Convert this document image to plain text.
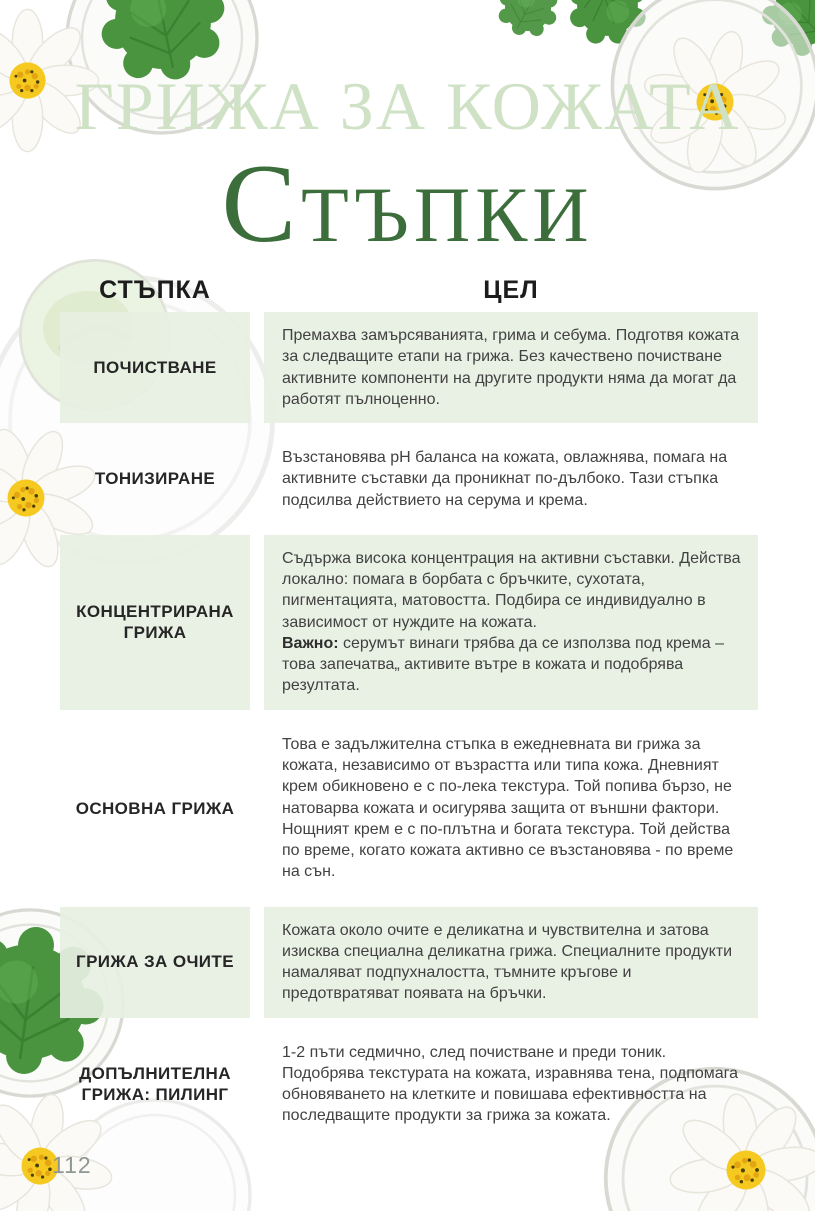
ГРИЖА ЗА КОЖАТА
СТЪПКИ
СТЪПКА	ЦЕЛ
ПОЧИСТВАНЕ
Премахва замърсяванията, грима и себума. Подготвя кожата за следващите етапи на грижа. Без качествено почистване активните компоненти на другите продукти няма да могат да работят пълноценно.
ТОНИЗИРАНЕ
Възстановява pH баланса на кожата, овлажнява, помага на активните съставки да проникнат по-дълбоко. Тази стъпка подсилва действието на серума и крема.
КОНЦЕНТРИРАНА ГРИЖА
Съдържа висока концентрация на активни съставки. Действа локално: помага в борбата с бръчките, сухотата, пигментацията, матовостта. Подбира се индивидуално в зависимост от нуждите на кожата.
Важно: серумът винаги трябва да се използва под крема – това запечатва„ активите вътре в кожата и подобрява резултата.
ОСНОВНА ГРИЖА
Това е задължителна стъпка в ежедневната ви грижа за кожата, независимо от възрастта или типа кожа. Дневният крем обикновено е с по-лека текстура. Той попива бързо, не натоварва кожата и осигурява защита от външни фактори. Нощният крем е с по-плътна и богата текстура. Той действа по време, когато кожата активно се възстановява - по време на сън.
ГРИЖА ЗА ОЧИТЕ
Кожата около очите е деликатна и чувствителна и затова изисква специална деликатна грижа. Специалните продукти намаляват подпухналостта, тъмните кръгове и предотвратяват появата на бръчки.
ДОПЪЛНИТЕЛНА ГРИЖА: ПИЛИНГ
1-2 пъти седмично, след почистване и преди тоник.
Подобрява текстурата на кожата, изравнява тена, подпомага обновяването на клетките и повишава ефективността на последващите продукти за грижа за кожата.
112
